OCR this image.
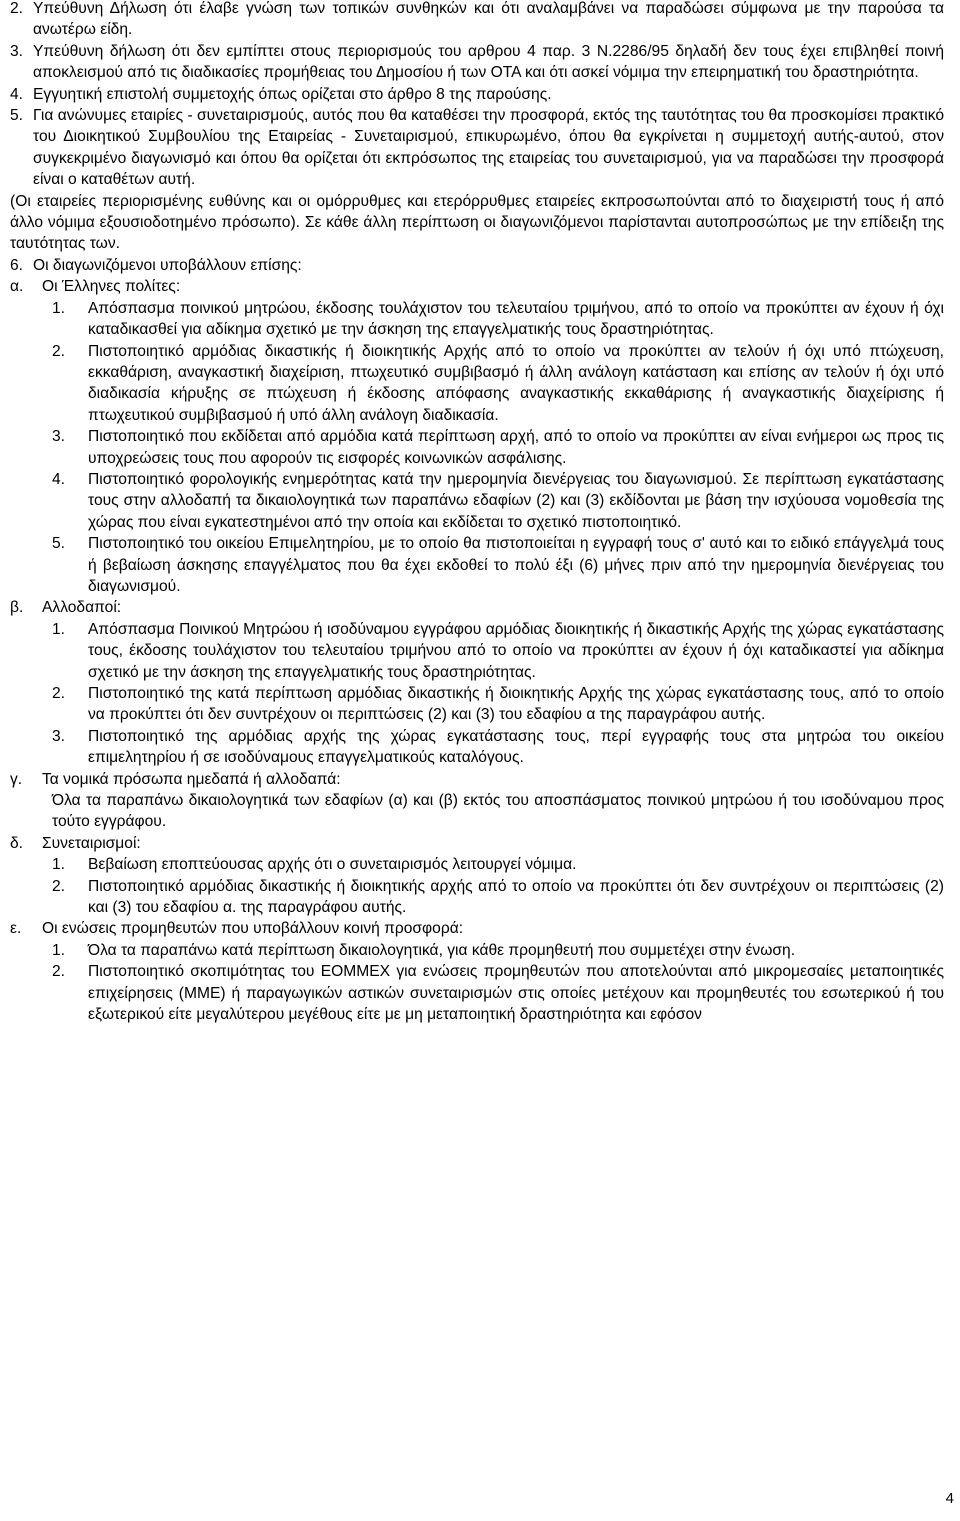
2. Υπεύθυνη Δήλωση ότι έλαβε γνώση των τοπικών συνθηκών και ότι αναλαμβάνει να παραδώσει σύμφωνα με την παρούσα τα ανωτέρω είδη.
3. Υπεύθυνη δήλωση ότι δεν εμπίπτει στους περιορισμούς του αρθρου 4 παρ. 3 Ν.2286/95 δηλαδή δεν τους έχει επιβληθεί ποινή αποκλεισμού από τις διαδικασίες προμήθειας του Δημοσίου ή των ΟΤΑ και ότι ασκεί νόμιμα την επειρηματική του δραστηριότητα.
4. Εγγυητική επιστολή συμμετοχής όπως ορίζεται στο άρθρο 8 της παρούσης.
5. Για ανώνυμες εταιρίες - συνεταιρισμούς, αυτός που θα καταθέσει την προσφορά, εκτός της ταυτότητας του θα προσκομίσει πρακτικό του Διοικητικού Συμβουλίου της Εταιρείας - Συνεταιρισμού, επικυρωμένο, όπου θα εγκρίνεται η συμμετοχή αυτής-αυτού, στον συγκεκριμένο διαγωνισμό και όπου θα ορίζεται ότι εκπρόσωπος της εταιρείας του συνεταιρισμού, για να παραδώσει την προσφορά είναι ο καταθέτων αυτή.
(Οι εταιρείες περιορισμένης ευθύνης και οι ομόρρυθμες και ετερόρρυθμες εταιρείες εκπροσωπούνται από το διαχειριστή τους ή από άλλο νόμιμα εξουσιοδοτημένο πρόσωπο). Σε κάθε άλλη περίπτωση οι διαγωνιζόμενοι παρίστανται αυτοπροσώπως με την επίδειξη της ταυτότητας των.
6. Οι διαγωνιζόμενοι υποβάλλουν επίσης:
α.	Οι Έλληνες πολίτες:
1.	Απόσπασμα ποινικού μητρώου, έκδοσης τουλάχιστον του τελευταίου τριμήνου, από το οποίο να προκύπτει αν έχουν ή όχι καταδικασθεί για αδίκημα σχετικό με την άσκηση της επαγγελματικής τους δραστηριότητας.
2.	Πιστοποιητικό αρμόδιας δικαστικής ή διοικητικής Αρχής από το οποίο να προκύπτει αν τελούν ή όχι υπό πτώχευση, εκκαθάριση, αναγκαστική διαχείριση, πτωχευτικό συμβιβασμό ή άλλη ανάλογη κατάσταση και επίσης αν τελούν ή όχι υπό διαδικασία κήρυξης σε πτώχευση ή έκδοσης απόφασης αναγκαστικής εκκαθάρισης ή αναγκαστικής διαχείρισης ή πτωχευτικού συμβιβασμού ή υπό άλλη ανάλογη διαδικασία.
3.	Πιστοποιητικό που εκδίδεται από αρμόδια κατά περίπτωση αρχή, από το οποίο να προκύπτει αν είναι ενήμεροι ως προς τις υποχρεώσεις τους που αφορούν τις εισφορές κοινωνικών ασφάλισης.
4.	Πιστοποιητικό φορολογικής ενημερότητας κατά την ημερομηνία διενέργειας του διαγωνισμού. Σε περίπτωση εγκατάστασης τους στην αλλοδαπή τα δικαιολογητικά των παραπάνω εδαφίων (2) και (3) εκδίδονται με βάση την ισχύουσα νομοθεσία της χώρας που είναι εγκατεστημένοι από την οποία και εκδίδεται το σχετικό πιστοποιητικό.
5.	Πιστοποιητικό του οικείου Επιμελητηρίου, με το οποίο θα πιστοποιείται η εγγραφή τους σ' αυτό και το ειδικό επάγγελμά τους ή βεβαίωση άσκησης επαγγέλματος που θα έχει εκδοθεί το πολύ έξι (6) μήνες πριν από την ημερομηνία διενέργειας του διαγωνισμού.
β.	Αλλοδαποί:
1.	Απόσπασμα Ποινικού Μητρώου ή ισοδύναμου εγγράφου αρμόδιας διοικητικής ή δικαστικής Αρχής της χώρας εγκατάστασης τους, έκδοσης τουλάχιστον του τελευταίου τριμήνου από το οποίο να προκύπτει αν έχουν ή όχι καταδικαστεί για αδίκημα σχετικό με την άσκηση της επαγγελματικής τους δραστηριότητας.
2.	Πιστοποιητικό της κατά περίπτωση αρμόδιας δικαστικής ή διοικητικής Αρχής της χώρας εγκατάστασης τους, από το οποίο να προκύπτει ότι δεν συντρέχουν οι περιπτώσεις (2) και (3) του εδαφίου α της παραγράφου αυτής.
3.	Πιστοποιητικό της αρμόδιας αρχής της χώρας εγκατάστασης τους, περί εγγραφής τους στα μητρώα του οικείου επιμελητηρίου ή σε ισοδύναμους επαγγελματικούς καταλόγους.
γ.	Τα νομικά πρόσωπα ημεδαπά ή αλλοδαπά:
Όλα τα παραπάνω δικαιολογητικά των εδαφίων (α) και (β) εκτός του αποσπάσματος ποινικού μητρώου ή του ισοδύναμου προς τούτο εγγράφου.
δ.	Συνεταιρισμοί:
1.	Βεβαίωση εποπτεύουσας αρχής ότι ο συνεταιρισμός λειτουργεί νόμιμα.
2.	Πιστοποιητικό αρμόδιας δικαστικής ή διοικητικής αρχής από το οποίο να προκύπτει ότι δεν συντρέχουν οι περιπτώσεις (2) και (3) του εδαφίου α. της παραγράφου αυτής.
ε.	Οι ενώσεις προμηθευτών που υποβάλλουν κοινή προσφορά:
1.	Όλα τα παραπάνω κατά περίπτωση δικαιολογητικά, για κάθε προμηθευτή που συμμετέχει στην ένωση.
2.	Πιστοποιητικό σκοπιμότητας του ΕΟΜΜΕΧ για ενώσεις προμηθευτών που αποτελούνται από μικρομεσαίες μεταποιητικές επιχείρησεις (ΜΜΕ) ή παραγωγικών αστικών συνεταιρισμών στις οποίες μετέχουν και προμηθευτές του εσωτερικού ή του εξωτερικού είτε μεγαλύτερου μεγέθους είτε με μη μεταποιητική δραστηριότητα και εφόσον
4
